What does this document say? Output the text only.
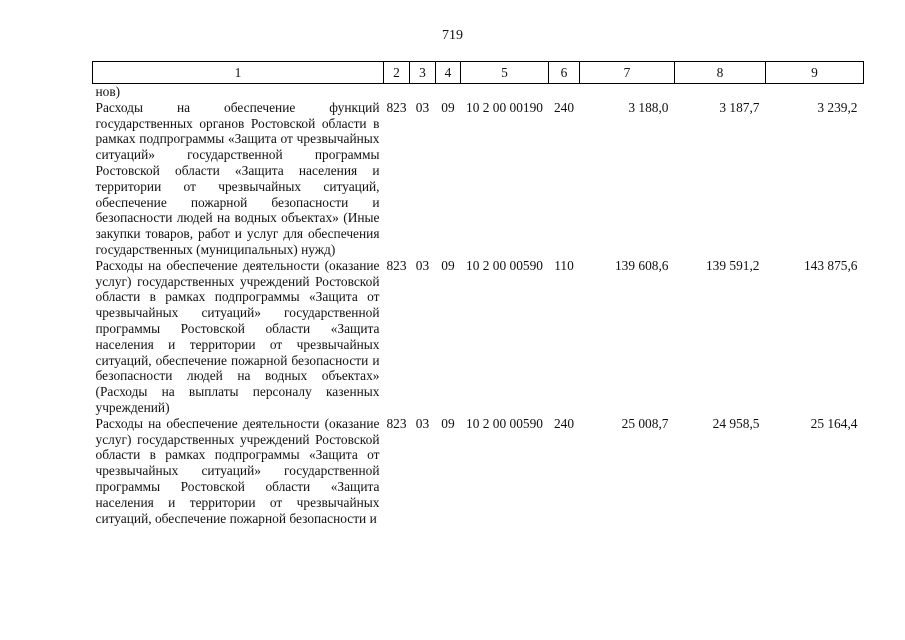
719
1	2	3	4	5	6	7	8	9
нов)								
Расходы на обеспечение функций государственных органов Ростовской области в рамках подпрограммы «Защита от чрезвычайных ситуаций» государственной программы Ростовской области «Защита населения и территории от чрезвычайных ситуаций, обеспечение пожарной безопасности и безопасности людей на водных объектах» (Иные закупки товаров, работ и услуг для обеспечения государственных (муниципальных) нужд)	823	03	09	10 2 00 00190	240	3 188,0	3 187,7	3 239,2
Расходы на обеспечение деятельности (оказание услуг) государственных учреждений Ростовской области в рамках подпрограммы «Защита от чрезвычайных ситуаций» государственной программы Ростовской области «Защита населения и территории от чрезвычайных ситуаций, обеспечение пожарной безопасности и безопасности людей на водных объектах» (Расходы на выплаты персоналу казенных учреждений)	823	03	09	10 2 00 00590	110	139 608,6	139 591,2	143 875,6
Расходы на обеспечение деятельности (оказание услуг) государственных учреждений Ростовской области в рамках подпрограммы «Защита от чрезвычайных ситуаций» государственной программы Ростовской области «Защита населения и территории от чрезвычайных ситуаций, обеспечение пожарной безопасности и	823	03	09	10 2 00 00590	240	25 008,7	24 958,5	25 164,4
